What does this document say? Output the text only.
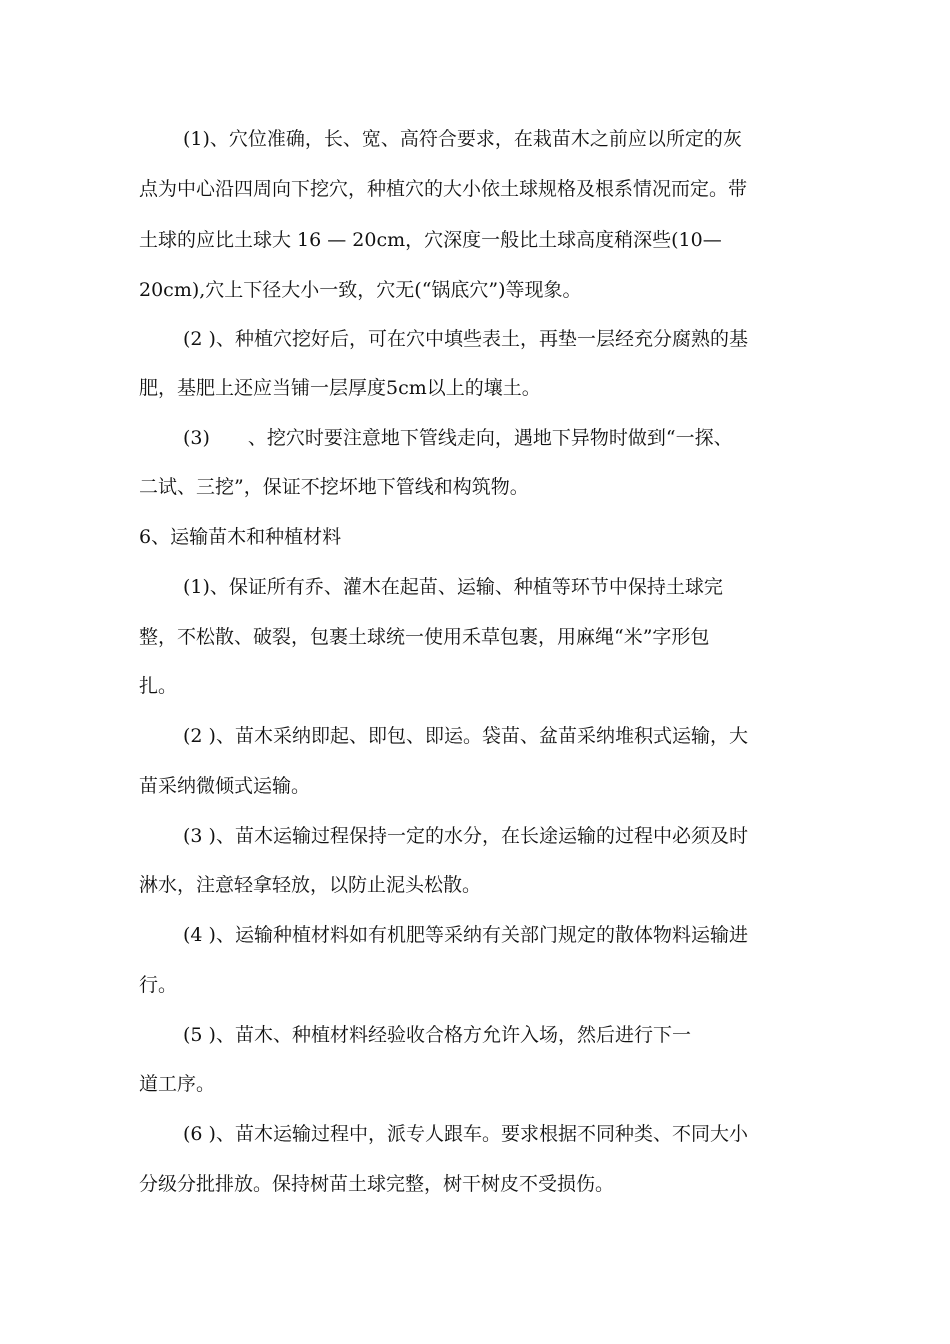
(1)、穴位准确，长、宽、高符合要求，在栽苗木之前应以所定的灰

点为中心沿四周向下挖穴，种植穴的大小依土球规格及根系情况而定。带

土球的应比土球大 16 — 20cm，穴深度一般比土球高度稍深些(10—

20cm),穴上下径大小一致，穴无(“锅底穴”)等现象。

(2 )、种植穴挖好后，可在穴中填些表土，再垫一层经充分腐熟的基

肥，基肥上还应当铺一层厚度5cm以上的壤土。

(3)　　、挖穴时要注意地下管线走向，遇地下异物时做到“一探、

二试、三挖”，保证不挖坏地下管线和构筑物。

6、运输苗木和种植材料

(1)、保证所有乔、灌木在起苗、运输、种植等环节中保持土球完

整，不松散、破裂，包裹土球统一使用禾草包裹，用麻绳“米”字形包

扎。

(2 )、苗木采纳即起、即包、即运。袋苗、盆苗采纳堆积式运输，大

苗采纳微倾式运输。

(3 )、苗木运输过程保持一定的水分，在长途运输的过程中必须及时

淋水，注意轻拿轻放，以防止泥头松散。

(4 )、运输种植材料如有机肥等采纳有关部门规定的散体物料运输进

行。

(5 )、苗木、种植材料经验收合格方允许入场，然后进行下一

道工序。

(6 )、苗木运输过程中，派专人跟车。要求根据不同种类、不同大小

分级分批排放。保持树苗土球完整，树干树皮不受损伤。
